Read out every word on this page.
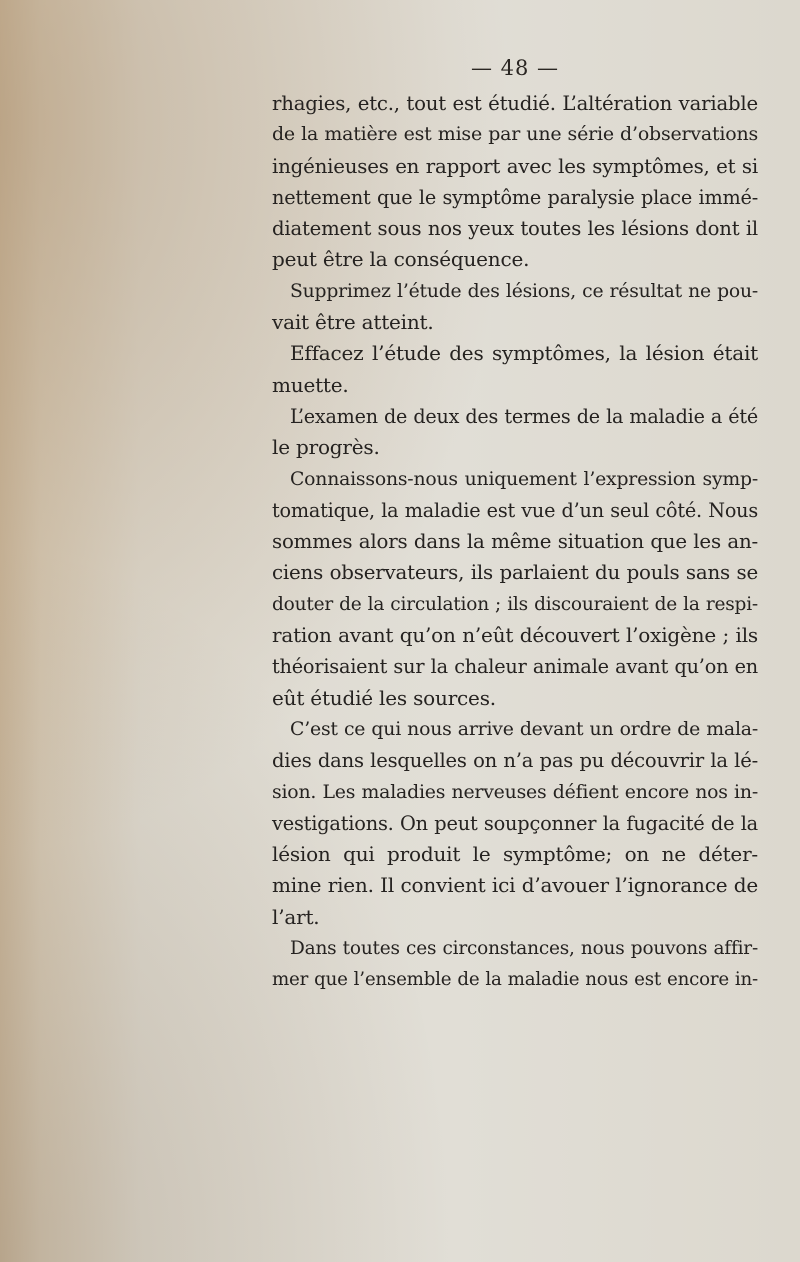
— 48 —
rhagies, etc., tout est étudié. L’altération variable
de la matière est mise par une série d’observations
ingénieuses en rapport avec les symptômes, et si
nettement que le symptôme paralysie place immé-
diatement sous nos yeux toutes les lésions dont il
peut être la conséquence.
Supprimez l’étude des lésions, ce résultat ne pou-
vait être atteint.
Effacez l’étude des symptômes, la lésion était
muette.
L’examen de deux des termes de la maladie a été
le progrès.
Connaissons-nous uniquement l’expression symp-
tomatique, la maladie est vue d’un seul côté. Nous
sommes alors dans la même situation que les an-
ciens observateurs, ils parlaient du pouls sans se
douter de la circulation ; ils discouraient de la respi-
ration avant qu’on n’eût découvert l’oxigène ; ils
théorisaient sur la chaleur animale avant qu’on en
eût étudié les sources.
C’est ce qui nous arrive devant un ordre de mala-
dies dans lesquelles on n’a pas pu découvrir la lé-
sion. Les maladies nerveuses défient encore nos in-
vestigations. On peut soupçonner la fugacité de la
lésion qui produit le symptôme; on ne déter-
mine rien. Il convient ici d’avouer l’ignorance de
l’art.
Dans toutes ces circonstances, nous pouvons affir-
mer que l’ensemble de la maladie nous est encore in-
